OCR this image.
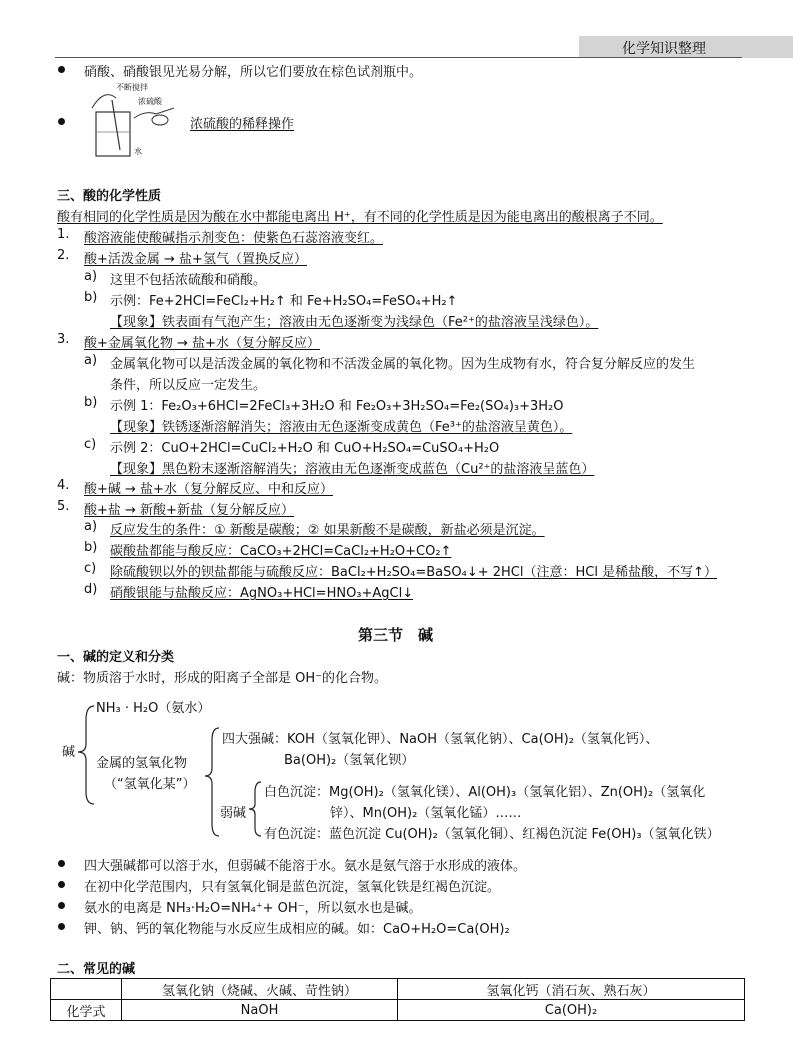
化学知识整理
硝酸、硝酸银见光易分解，所以它们要放在棕色试剂瓶中。
不断搅拌
浓硫酸
水
浓硫酸的稀释操作
三、酸的化学性质
酸有相同的化学性质是因为酸在水中都能电离出 H⁺，有不同的化学性质是因为能电离出的酸根离子不同。
1. 酸溶液能使酸碱指示剂变色：使紫色石蕊溶液变红。
2. 酸+活泼金属 → 盐+氢气（置换反应）
a) 这里不包括浓硫酸和硝酸。
b) 示例：Fe+2HCl=FeCl₂+H₂↑ 和 Fe+H₂SO₄=FeSO₄+H₂↑
【现象】铁表面有气泡产生；溶液由无色逐渐变为浅绿色（Fe²⁺的盐溶液呈浅绿色）。
3. 酸+金属氧化物 → 盐+水（复分解反应）
a) 金属氧化物可以是活泼金属的氧化物和不活泼金属的氧化物。因为生成物有水，符合复分解反应的发生
条件，所以反应一定发生。
b) 示例 1：Fe₂O₃+6HCl=2FeCl₃+3H₂O 和 Fe₂O₃+3H₂SO₄=Fe₂(SO₄)₃+3H₂O
【现象】铁锈逐渐溶解消失；溶液由无色逐渐变成黄色（Fe³⁺的盐溶液呈黄色）。
c) 示例 2：CuO+2HCl=CuCl₂+H₂O 和 CuO+H₂SO₄=CuSO₄+H₂O
【现象】黑色粉末逐渐溶解消失；溶液由无色逐渐变成蓝色（Cu²⁺的盐溶液呈蓝色）
4. 酸+碱 → 盐+水（复分解反应、中和反应）
5. 酸+盐 → 新酸+新盐（复分解反应）
a) 反应发生的条件：① 新酸是碳酸；② 如果新酸不是碳酸，新盐必须是沉淀。
b) 碳酸盐都能与酸反应：CaCO₃+2HCl=CaCl₂+H₂O+CO₂↑
c) 除硫酸钡以外的钡盐都能与硫酸反应：BaCl₂+H₂SO₄=BaSO₄↓+ 2HCl（注意：HCl 是稀盐酸，不写↑）
d) 硝酸银能与盐酸反应：AgNO₃+HCl=HNO₃+AgCl↓
第三节　碱
一、碱的定义和分类
碱：物质溶于水时，形成的阳离子全部是 OH⁻的化合物。
碱
NH₃ · H₂O（氨水）
金属的氢氧化物
（“氢氧化某”）
四大强碱：KOH（氢氧化钾）、NaOH（氢氧化钠）、Ca(OH)₂（氢氧化钙）、
Ba(OH)₂（氢氧化钡）
弱碱
白色沉淀：Mg(OH)₂（氢氧化镁）、Al(OH)₃（氢氧化铝）、Zn(OH)₂（氢氧化
锌）、Mn(OH)₂（氢氧化锰）……
有色沉淀：蓝色沉淀 Cu(OH)₂（氢氧化铜）、红褐色沉淀 Fe(OH)₃（氢氧化铁）
四大强碱都可以溶于水，但弱碱不能溶于水。氨水是氨气溶于水形成的液体。
在初中化学范围内，只有氢氧化铜是蓝色沉淀，氢氧化铁是红褐色沉淀。
氨水的电离是 NH₃·H₂O=NH₄⁺+ OH⁻，所以氨水也是碱。
钾、钠、钙的氧化物能与水反应生成相应的碱。如：CaO+H₂O=Ca(OH)₂
二、常见的碱
	氢氧化钠（烧碱、火碱、苛性钠）	氢氧化钙（消石灰、熟石灰）
化学式	NaOH	Ca(OH)₂
